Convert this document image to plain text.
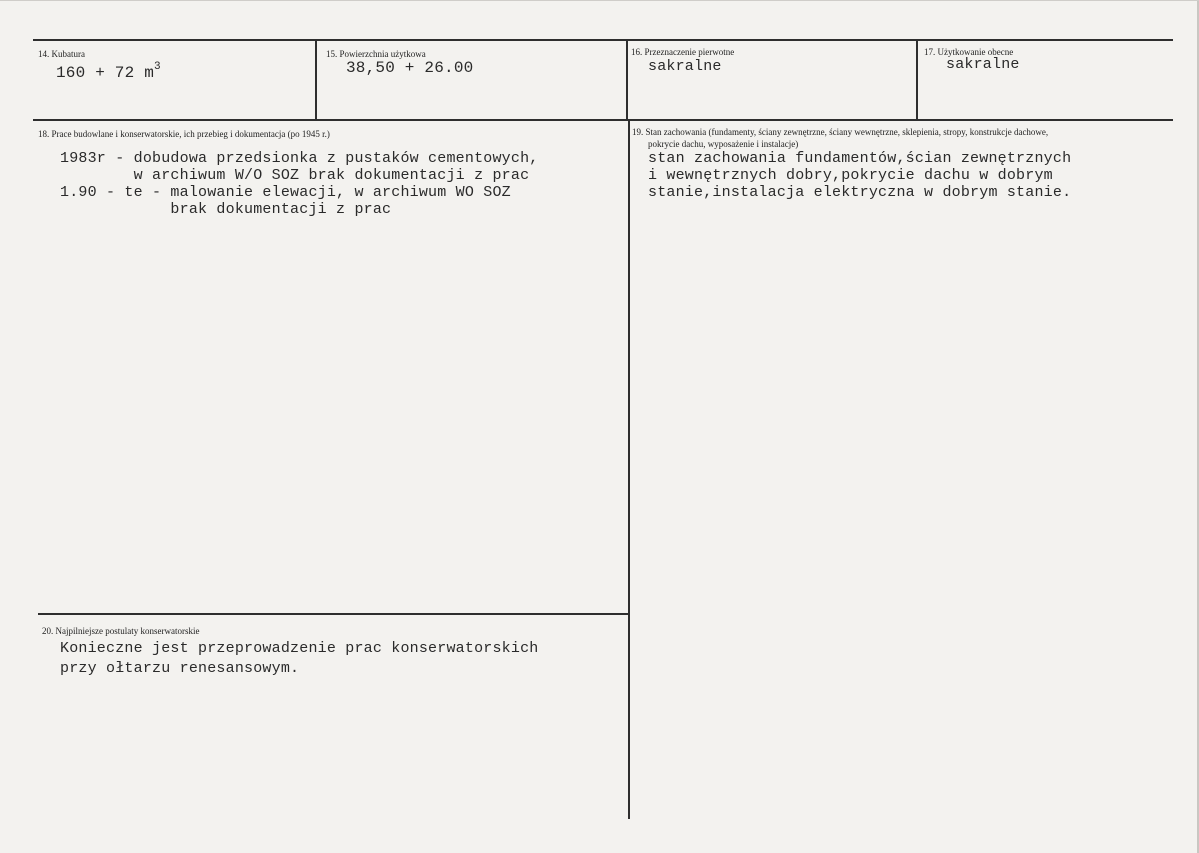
14. Kubatura
160 + 72 $m^3$
15. Powierzchnia użytkowa
38,50 + 26.00
16. Przeznaczenie pierwotne
sakralne
17. Użytkowanie obecne
sakralne
18. Prace budowlane i konserwatorskie, ich przebieg i dokumentacja (po 1945 r.)
1983r - dobudowa przedsionka z pustaków cementowych,
w archiwum W/O SOZ brak dokumentacji z prac
1.90 - te - malowanie elewacji, w archiwum WO SOZ
brak dokumentacji z prac
19. Stan zachowania (fundamenty, ściany zewnętrzne, ściany wewnętrzne, sklepienia, stropy, konstrukcje dachowe,
pokrycie dachu, wyposażenie i instalacje)
stan zachowania fundamentów,ścian zewnętrznych
i wewnętrznych dobry,pokrycie dachu w dobrym
stanie,instalacja elektryczna w dobrym stanie.
20. Najpilniejsze postulaty konserwatorskie
Konieczne jest przeprowadzenie prac konserwatorskich
przy ołtarzu renesansowym.
